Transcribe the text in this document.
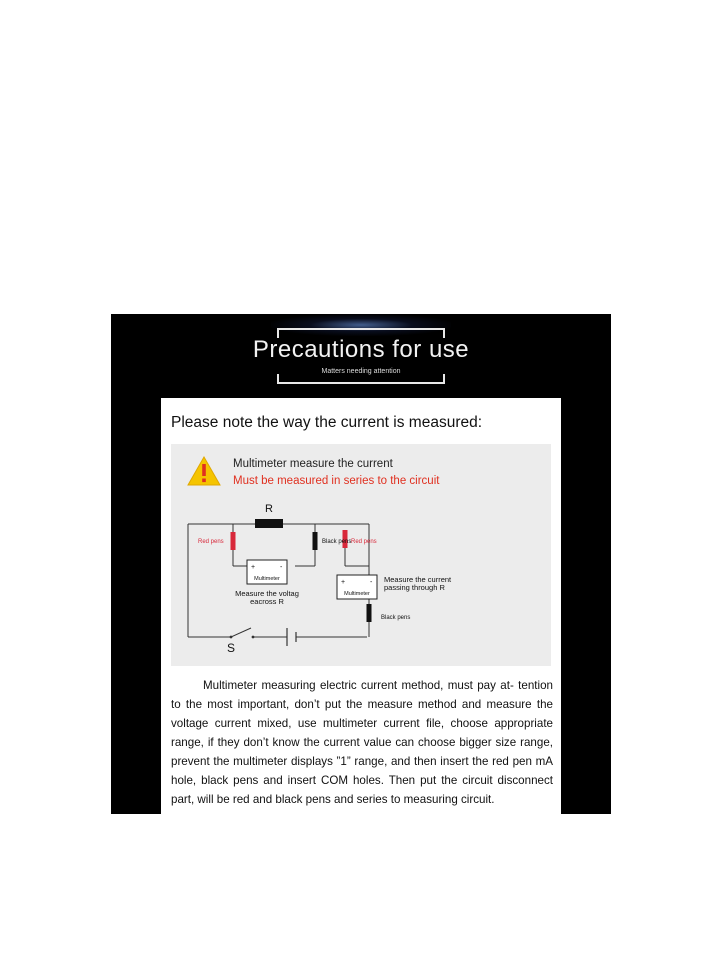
Precautions for use
Matters needing attention
Please note the way the current is measured:
Multimeter measure the current
Must be measured in series to the circuit
R
S
Red pens	Black pens Red pens
+	-
Multimeter
Measure the voltag
eacross R
+	-
Multimeter
Measure the current
passing through R
Black pens

Multimeter measuring electric current method, must pay at- tention to the most important, don’t put the measure method and measure the voltage current mixed, use multimeter current file, choose appropriate range, if they don’t know the current value can choose bigger size range, prevent the multimeter displays ”1” range, and then insert the red pen mA hole, black pens and insert COM holes. Then put the circuit disconnect part, will be red and black pens and series to measuring circuit.
